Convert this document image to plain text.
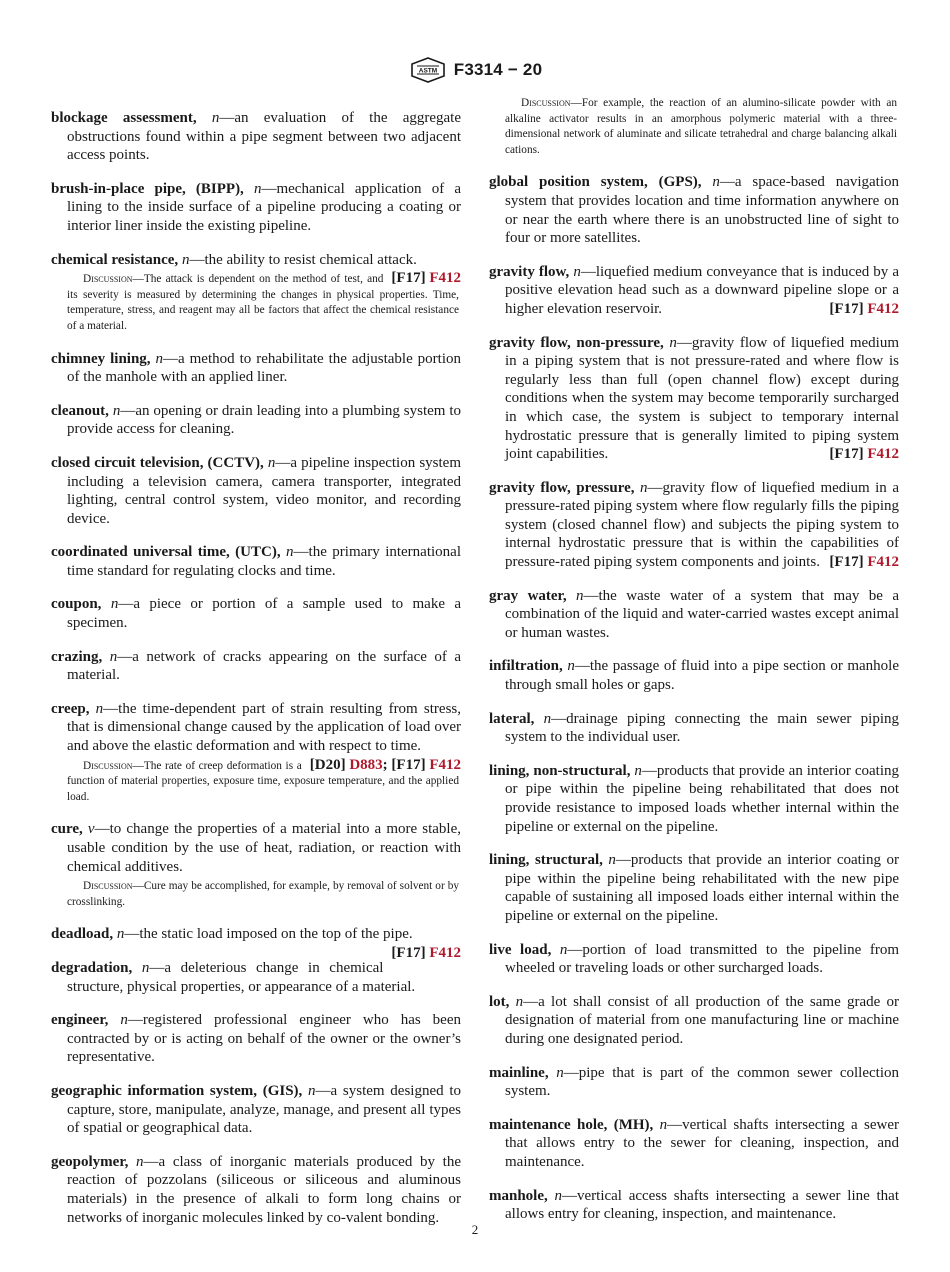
ASTM F3314 − 20

blockage assessment, n—an evaluation of the aggregate obstructions found within a pipe segment between two adjacent access points.

brush-in-place pipe, (BIPP), n—mechanical application of a lining to the inside surface of a pipeline producing a coating or interior liner inside the existing pipeline.

chemical resistance, n—the ability to resist chemical attack.
[F17] F412

Discussion—The attack is dependent on the method of test, and its severity is measured by determining the changes in physical properties. Time, temperature, stress, and reagent may all be factors that affect the chemical resistance of a material.

chimney lining, n—a method to rehabilitate the adjustable portion of the manhole with an applied liner.

cleanout, n—an opening or drain leading into a plumbing system to provide access for cleaning.

closed circuit television, (CCTV), n—a pipeline inspection system including a television camera, camera transporter, integrated lighting, central control system, video monitor, and recording device.

coordinated universal time, (UTC), n—the primary international time standard for regulating clocks and time.

coupon, n—a piece or portion of a sample used to make a specimen.

crazing, n—a network of cracks appearing on the surface of a material.

creep, n—the time-dependent part of strain resulting from stress, that is dimensional change caused by the application of load over and above the elastic deformation and with respect to time.
[D20] D883; [F17] F412

Discussion—The rate of creep deformation is a function of material properties, exposure time, exposure temperature, and the applied load.

cure, v—to change the properties of a material into a more stable, usable condition by the use of heat, radiation, or reaction with chemical additives.

Discussion—Cure may be accomplished, for example, by removal of solvent or by crosslinking.

deadload, n—the static load imposed on the top of the pipe.
[F17] F412

degradation, n—a deleterious change in chemical structure, physical properties, or appearance of a material.

engineer, n—registered professional engineer who has been contracted by or is acting on behalf of the owner or the owner’s representative.

geographic information system, (GIS), n—a system designed to capture, store, manipulate, analyze, manage, and present all types of spatial or geographical data.

geopolymer, n—a class of inorganic materials produced by the reaction of pozzolans (siliceous or siliceous and aluminous materials) in the presence of alkali to form long chains or networks of inorganic molecules linked by co-valent bonding.

Discussion—For example, the reaction of an alumino-silicate powder with an alkaline activator results in an amorphous polymeric material with a three-dimensional network of aluminate and silicate tetrahedral and charge balancing alkali cations.

global position system, (GPS), n—a space-based navigation system that provides location and time information anywhere on or near the earth where there is an unobstructed line of sight to four or more satellites.

gravity flow, n—liquefied medium conveyance that is induced by a positive elevation head such as a downward pipeline slope or a higher elevation reservoir.	[F17] F412

gravity flow, non-pressure, n—gravity flow of liquefied medium in a piping system that is not pressure-rated and where flow is regularly less than full (open channel flow) except during conditions when the system may become temporarily surcharged in which case, the system is subject to temporary internal hydrostatic pressure that is generally limited to piping system joint capabilities.	[F17] F412

gravity flow, pressure, n—gravity flow of liquefied medium in a pressure-rated piping system where flow regularly fills the piping system (closed channel flow) and subjects the piping system to internal hydrostatic pressure that is within the capabilities of pressure-rated piping system components and joints. [F17] F412

gray water, n—the waste water of a system that may be a combination of the liquid and water-carried wastes except animal or human wastes.

infiltration, n—the passage of fluid into a pipe section or manhole through small holes or gaps.

lateral, n—drainage piping connecting the main sewer piping system to the individual user.

lining, non-structural, n—products that provide an interior coating or pipe within the pipeline being rehabilitated that does not provide resistance to imposed loads whether internal within the pipeline or external on the pipeline.

lining, structural, n—products that provide an interior coating or pipe within the pipeline being rehabilitated with the new pipe capable of sustaining all imposed loads either internal within the pipeline or external on the pipeline.

live load, n—portion of load transmitted to the pipeline from wheeled or traveling loads or other surcharged loads.

lot, n—a lot shall consist of all production of the same grade or designation of material from one manufacturing line or machine during one designated period.

mainline, n—pipe that is part of the common sewer collection system.

maintenance hole, (MH), n—vertical shafts intersecting a sewer that allows entry to the sewer for cleaning, inspection, and maintenance.

manhole, n—vertical access shafts intersecting a sewer line that allows entry for cleaning, inspection, and maintenance.

2
